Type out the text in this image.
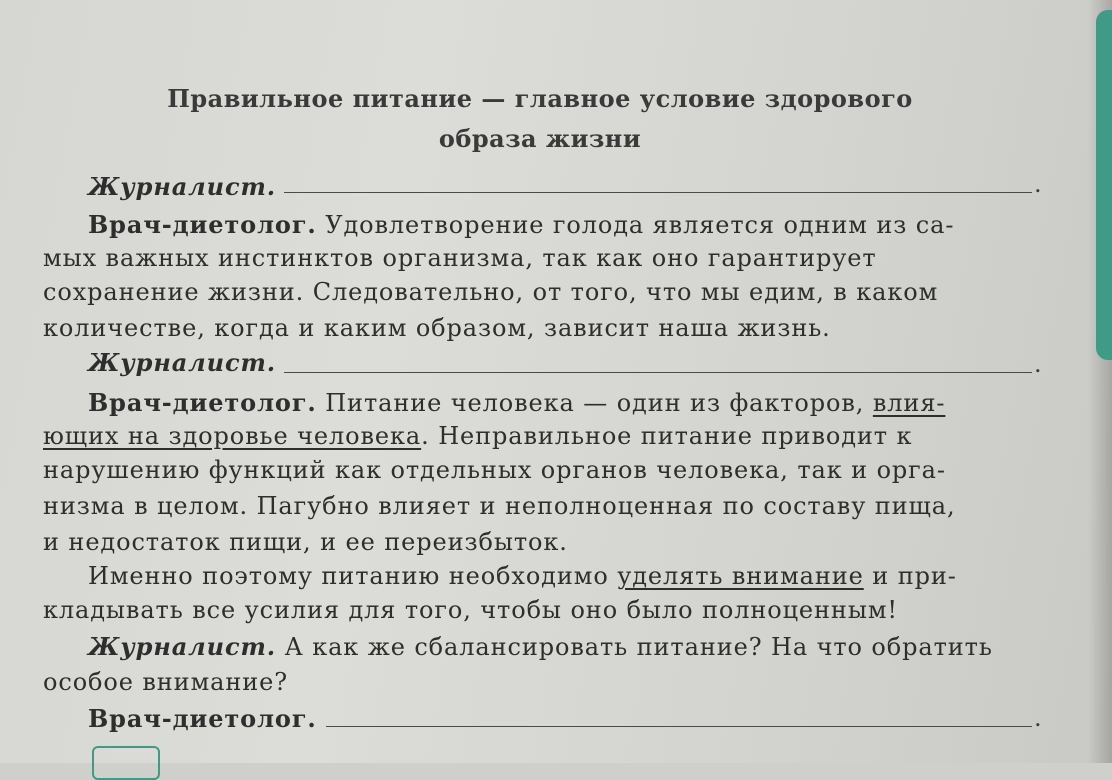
Правильное питание — главное условие здорового
образа жизни
Журналист.	.
Врач-диетолог. Удовлетворение голода является одним из са-
мых важных инстинктов организма, так как оно гарантирует
сохранение жизни. Следовательно, от того, что мы едим, в каком
количестве, когда и каким образом, зависит наша жизнь.
Журналист.	.
Врач-диетолог. Питание человека — один из факторов, влия-
ющих на здоровье человека. Неправильное питание приводит к
нарушению функций как отдельных органов человека, так и орга-
низма в целом. Пагубно влияет и неполноценная по составу пища,
и недостаток пищи, и ее переизбыток.
Именно поэтому питанию необходимо уделять внимание и при-
кладывать все усилия для того, чтобы оно было полноценным!
Журналист. А как же сбалансировать питание? На что обратить
особое внимание?
Врач-диетолог.	.
